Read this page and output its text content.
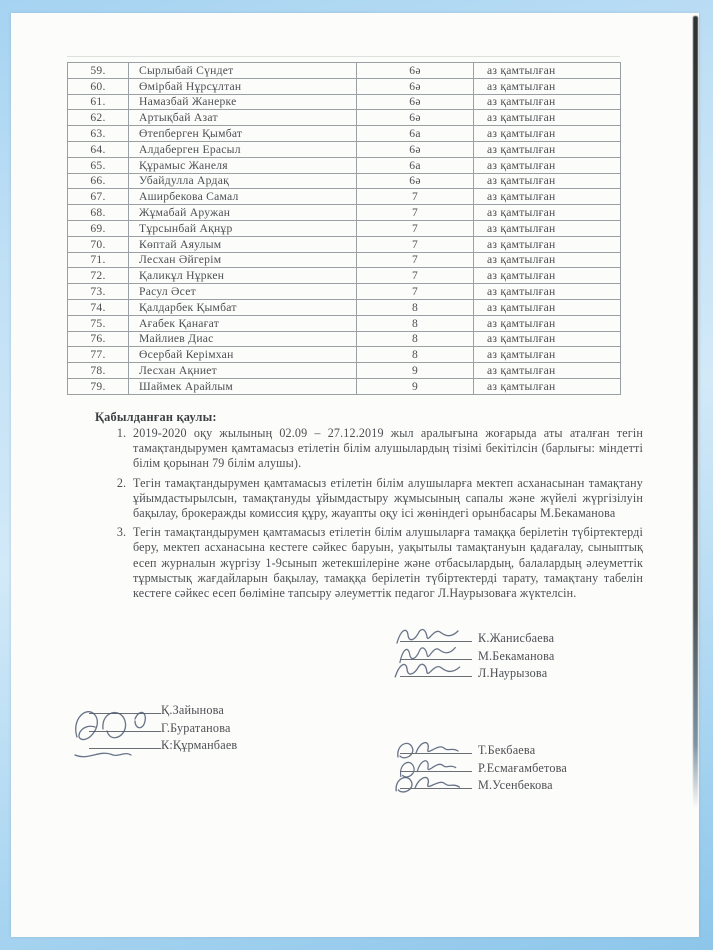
59.	Сырлыбай Сүндет	6ә	аз қамтылған
60.	Өмірбай Нұрсұлтан	6ә	аз қамтылған
61.	Намазбай Жанерке	6ә	аз қамтылған
62.	Артықбай Азат	6ә	аз қамтылған
63.	Өтепберген Қымбат	6а	аз қамтылған
64.	Алдаберген Ерасыл	6ә	аз қамтылған
65.	Құрамыс Жанеля	6а	аз қамтылған
66.	Убайдулла Ардақ	6ә	аз қамтылған
67.	Аширбекова Самал	7	аз қамтылған
68.	Жұмабай Аружан	7	аз қамтылған
69.	Тұрсынбай Ақнұр	7	аз қамтылған
70.	Көптай Аяулым	7	аз қамтылған
71.	Лесхан Әйгерім	7	аз қамтылған
72.	Қаликұл Нұркен	7	аз қамтылған
73.	Расул Әсет	7	аз қамтылған
74.	Қалдарбек Қымбат	8	аз қамтылған
75.	Ағабек Қанағат	8	аз қамтылған
76.	Майлиев Диас	8	аз қамтылған
77.	Өсербай Керімхан	8	аз қамтылған
78.	Лесхан Ақниет	9	аз қамтылған
79.	Шаймек Арайлым	9	аз қамтылған
Қабылданған қаулы:
1. 2019-2020 оқу жылының 02.09 – 27.12.2019 жыл аралығына жоғарыда аты аталған тегін тамақтандырумен қамтамасыз етілетін білім алушылардың тізімі бекітілсін (барлығы: міндетті білім қорынан 79 білім алушы).
2. Тегін тамақтандырумен қамтамасыз етілетін білім алушыларға мектеп асханасынан тамақтану ұйымдастырылсын, тамақтануды ұйымдастыру жұмысының сапалы және жүйелі жүргізілуін бақылау, брокеражды комиссия құру, жауапты оқу ісі жөніндегі орынбасары М.Бекаманова
3. Тегін тамақтандырумен қамтамасыз етілетін білім алушыларға тамаққа берілетін түбіртектерді беру, мектеп асханасына кестеге сәйкес баруын, уақытылы тамақтануын қадағалау, сыныптық есеп журналын жүргізу 1-9сынып жетекшілеріне және отбасылардың, балалардың әлеуметтік тұрмыстық жағдайларын бақылау, тамаққа берілетін түбіртектерді тарату, тамақтану табелін кестеге сәйкес есеп бөліміне тапсыру әлеуметтік педагог Л.Наурызоваға жүктелсін.
К.Жанисбаева
М.Бекаманова
Л.Наурызова
Қ.Зайынова
Г.Буратанова
К:Құрманбаев	Т.Бекбаева
Р.Есмағамбетова
М.Усенбекова
